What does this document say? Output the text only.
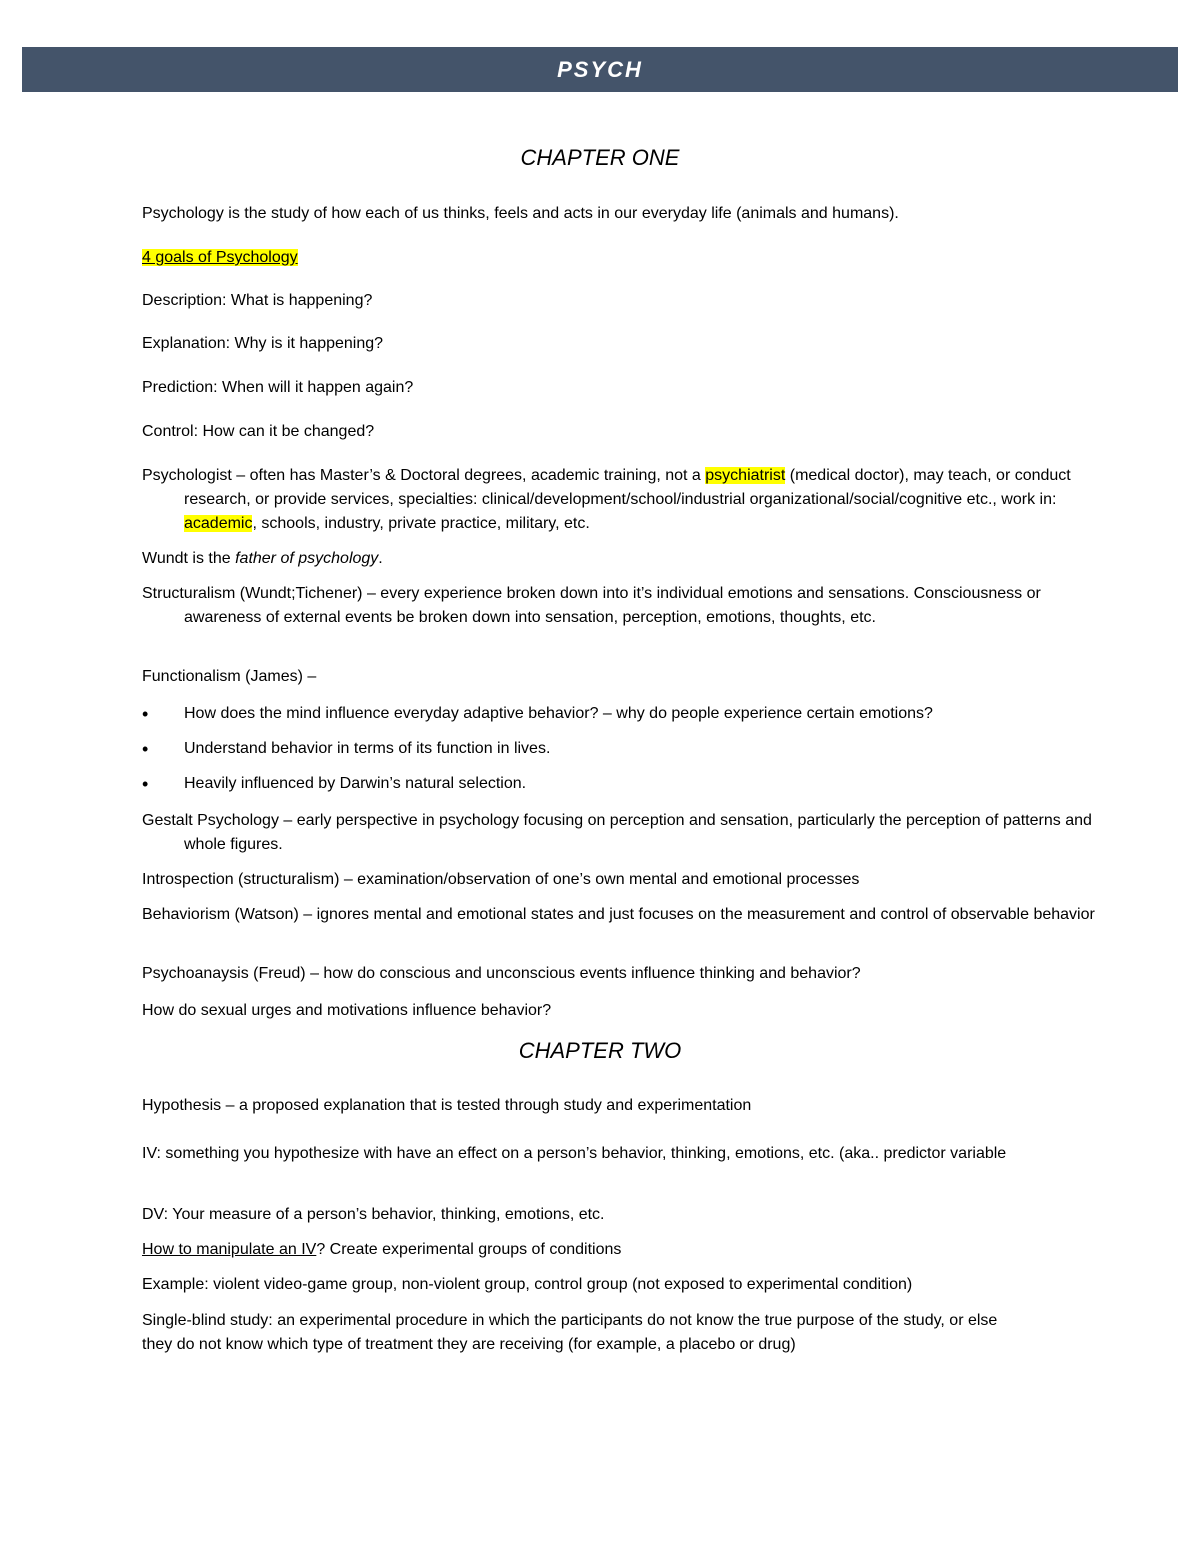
PSYCH
CHAPTER ONE
Psychology is the study of how each of us thinks, feels and acts in our everyday life (animals and humans).
4 goals of Psychology
Description: What is happening?
Explanation: Why is it happening?
Prediction: When will it happen again?
Control: How can it be changed?
Psychologist – often has Master’s & Doctoral degrees, academic training, not a psychiatrist (medical doctor), may teach, or conduct research, or provide services, specialties: clinical/development/school/industrial organizational/social/cognitive etc., work in: academic, schools, industry, private practice, military, etc.
Wundt is the father of psychology.
Structuralism (Wundt;Tichener) – every experience broken down into it’s individual emotions and sensations. Consciousness or awareness of external events be broken down into sensation, perception, emotions, thoughts, etc.
Functionalism (James) –
•
How does the mind influence everyday adaptive behavior? – why do people experience certain emotions?
•
Understand behavior in terms of its function in lives.
•
Heavily influenced by Darwin’s natural selection.
Gestalt Psychology – early perspective in psychology focusing on perception and sensation, particularly the perception of patterns and whole figures.
Introspection (structuralism) – examination/observation of one’s own mental and emotional processes
Behaviorism (Watson) – ignores mental and emotional states and just focuses on the measurement and control of observable behavior
Psychoanaysis (Freud) – how do conscious and unconscious events influence thinking and behavior?
How do sexual urges and motivations influence behavior?
CHAPTER TWO
Hypothesis – a proposed explanation that is tested through study and experimentation
IV: something you hypothesize with have an effect on a person’s behavior, thinking, emotions, etc. (aka.. predictor variable
DV: Your measure of a person’s behavior, thinking, emotions, etc.
How to manipulate an IV? Create experimental groups of conditions
Example: violent video-game group, non-violent group, control group (not exposed to experimental condition)
Single-blind study: an experimental procedure in which the participants do not know the true purpose of the study, or else they do not know which type of treatment they are receiving (for example, a placebo or drug)
